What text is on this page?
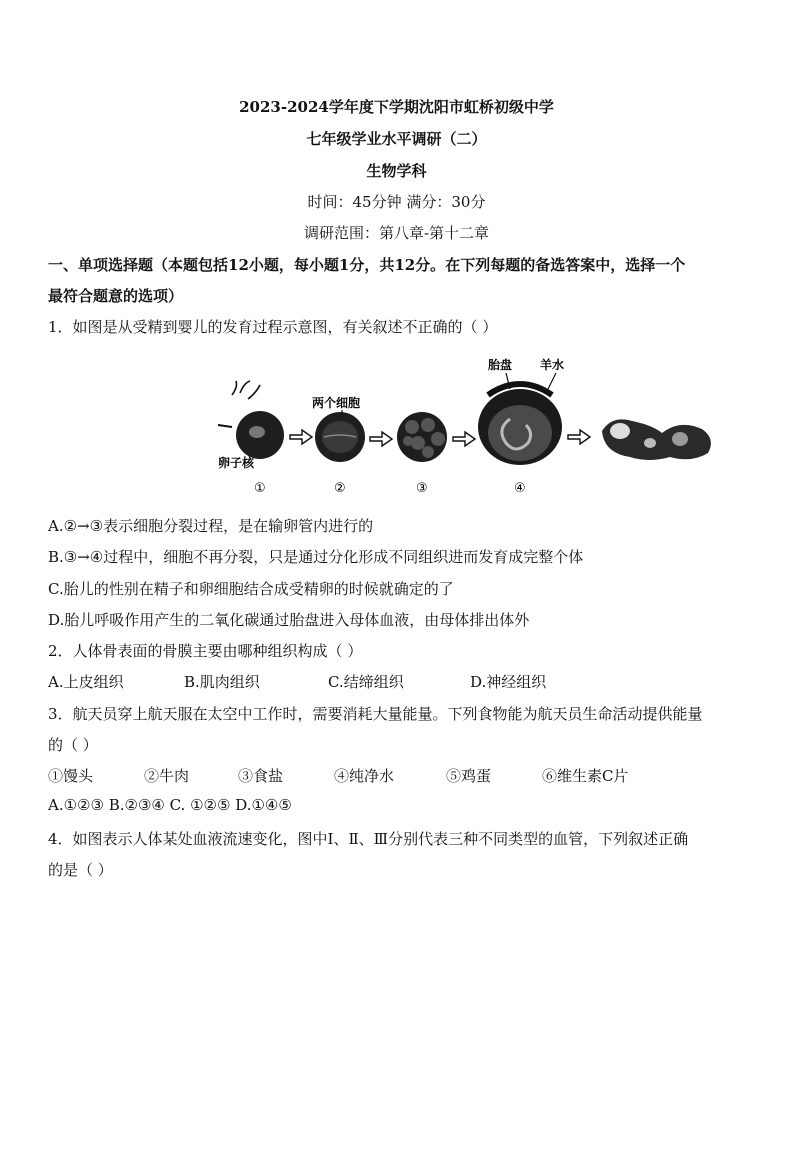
2023-2024学年度下学期沈阳市虹桥初级中学
七年级学业水平调研（二）
生物学科
时间：45分钟 满分：30分
调研范围：第八章-第十二章
一、单项选择题（本题包括12小题，每小题1分，共12分。在下列每题的备选答案中，选择一个
最符合题意的选项）
1．如图是从受精到婴儿的发育过程示意图，有关叙述不正确的（ ）
卵子核
两个细胞
胎盘 羊水
①	②	③	④
A.②→③表示细胞分裂过程，是在输卵管内进行的
B.③→④过程中，细胞不再分裂，只是通过分化形成不同组织进而发育成完整个体
C.胎儿的性别在精子和卵细胞结合成受精卵的时候就确定的了
D.胎儿呼吸作用产生的二氧化碳通过胎盘进入母体血液，由母体排出体外
2．人体骨表面的骨膜主要由哪种组织构成（ ）
A.上皮组织	B.肌肉组织	C.结缔组织	D.神经组织
3．航天员穿上航天服在太空中工作时，需要消耗大量能量。下列食物能为航天员生命活动提供能量
的（ ）
①馒头	②牛肉	③食盐	④纯净水	⑤鸡蛋	⑥维生素C片
A.①②③ B.②③④ C. ①②⑤ D.①④⑤
4．如图表示人体某处血液流速变化，图中Ⅰ、Ⅱ、Ⅲ分别代表三种不同类型的血管，下列叙述正确
的是（ ）
